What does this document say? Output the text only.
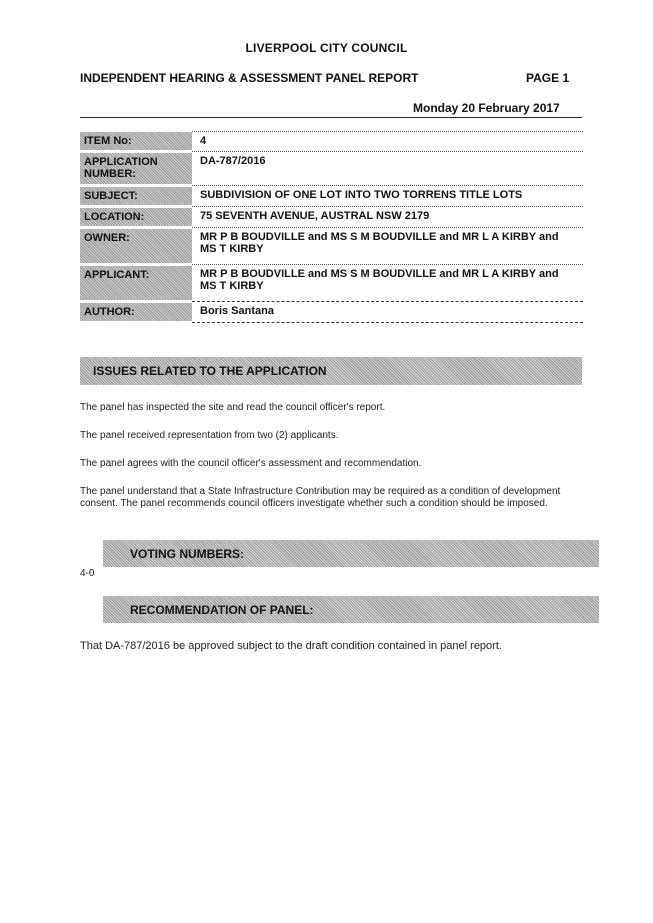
LIVERPOOL CITY COUNCIL
INDEPENDENT HEARING & ASSESSMENT PANEL REPORT	PAGE 1
Monday 20 February 2017
ITEM No:	4
APPLICATION NUMBER:	DA-787/2016
SUBJECT:	SUBDIVISION OF ONE LOT INTO TWO TORRENS TITLE LOTS
LOCATION:	75 SEVENTH AVENUE, AUSTRAL NSW 2179
OWNER:	MR P B BOUDVILLE and MS S M BOUDVILLE and MR L A KIRBY and MS T KIRBY
APPLICANT:	MR P B BOUDVILLE and MS S M BOUDVILLE and MR L A KIRBY and MS T KIRBY
AUTHOR:	Boris Santana
ISSUES RELATED TO THE APPLICATION
The panel has inspected the site and read the council officer's report.
The panel received representation from two (2) applicants.
The panel agrees with the council officer's assessment and recommendation.
The panel understand that a State Infrastructure Contribution may be required as a condition of development consent. The panel recommends council officers investigate whether such a condition should be imposed.
VOTING NUMBERS:
4-0
RECOMMENDATION OF PANEL:
That DA-787/2016 be approved subject to the draft condition contained in panel report.
